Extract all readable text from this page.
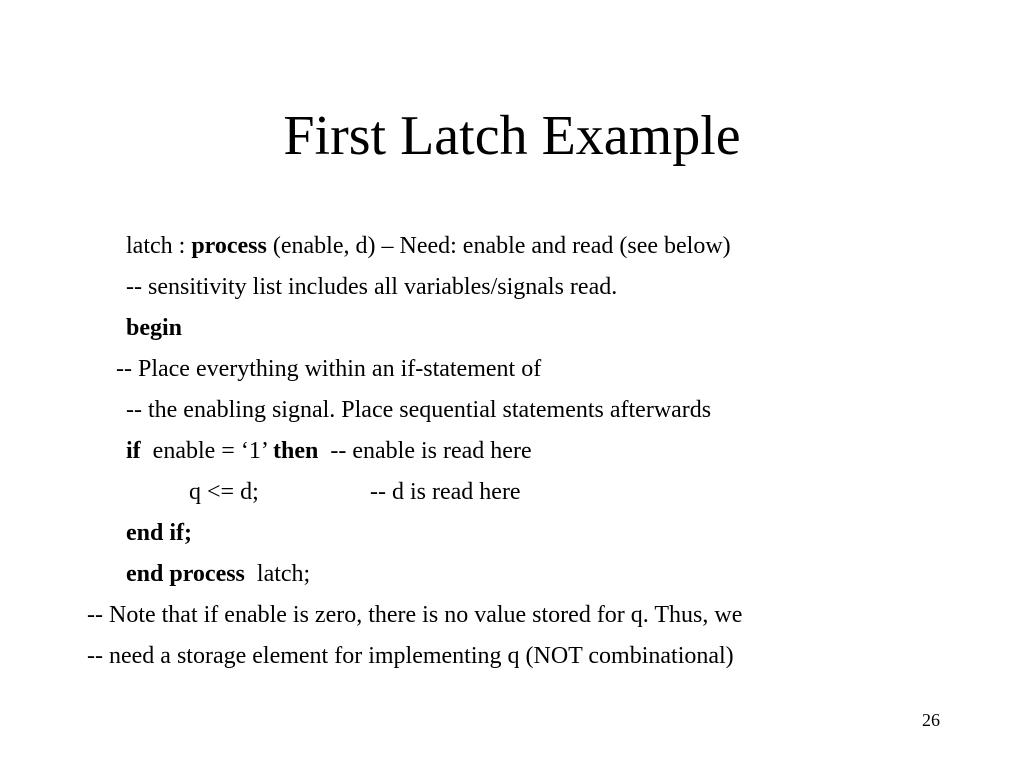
First Latch Example
latch : process (enable, d) – Need: enable and read (see below)
-- sensitivity list includes all variables/signals read.
begin
-- Place everything within an if-statement of
-- the enabling signal. Place sequential statements afterwards
if  enable = ‘1’ then  -- enable is read here
q <= d;	-- d is read here
end if;
end process  latch;
-- Note that if enable is zero, there is no value stored for q. Thus, we
-- need a storage element for implementing q (NOT combinational)
26
